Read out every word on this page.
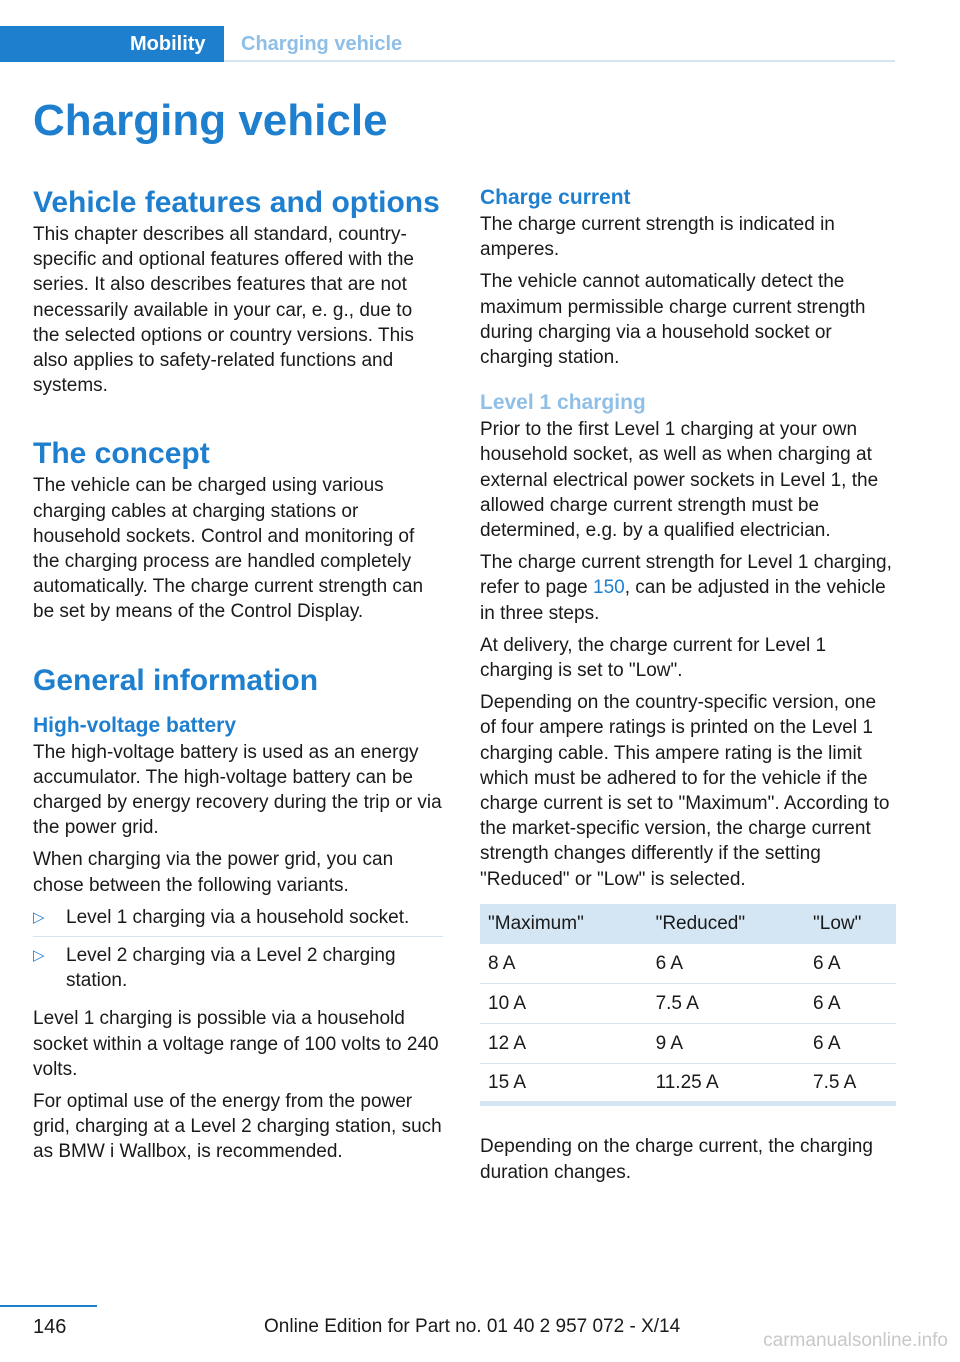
Mobility	Charging vehicle
Charging vehicle
Vehicle features and options

This chapter describes all standard, country-specific and optional features offered with the series. It also describes features that are not necessarily available in your car, e. g., due to the selected options or country versions. This also applies to safety-related functions and systems.

The concept

The vehicle can be charged using various charging cables at charging stations or household sockets. Control and monitoring of the charging process are handled completely automatically. The charge current strength can be set by means of the Control Display.

General information
High-voltage battery

The high-voltage battery is used as an energy accumulator. The high-voltage battery can be charged by energy recovery during the trip or via the power grid.

When charging via the power grid, you can chose between the following variants.

▷ Level 1 charging via a household socket.
▷ Level 2 charging via a Level 2 charging station.

Level 1 charging is possible via a household socket within a voltage range of 100 volts to 240 volts.

For optimal use of the energy from the power grid, charging at a Level 2 charging station, such as BMW i Wallbox, is recommended.

Charge current

The charge current strength is indicated in amperes.

The vehicle cannot automatically detect the maximum permissible charge current strength during charging via a household socket or charging station.

Level 1 charging

Prior to the first Level 1 charging at your own household socket, as well as when charging at external electrical power sockets in Level 1, the allowed charge current strength must be determined, e.g. by a qualified electrician.

The charge current strength for Level 1 charging, refer to page 150, can be adjusted in the vehicle in three steps.

At delivery, the charge current for Level 1 charging is set to "Low".

Depending on the country-specific version, one of four ampere ratings is printed on the Level 1 charging cable. This ampere rating is the limit which must be adhered to for the vehicle if the charge current is set to "Maximum". According to the market-specific version, the charge current strength changes differently if the setting "Reduced" or "Low" is selected.

"Maximum"	"Reduced"	"Low"
8 A	6 A	6 A
10 A	7.5 A	6 A
12 A	9 A	6 A
15 A	11.25 A	7.5 A

Depending on the charge current, the charging duration changes.

146	Online Edition for Part no. 01 40 2 957 072 - X/14
carmanualsonline.info
